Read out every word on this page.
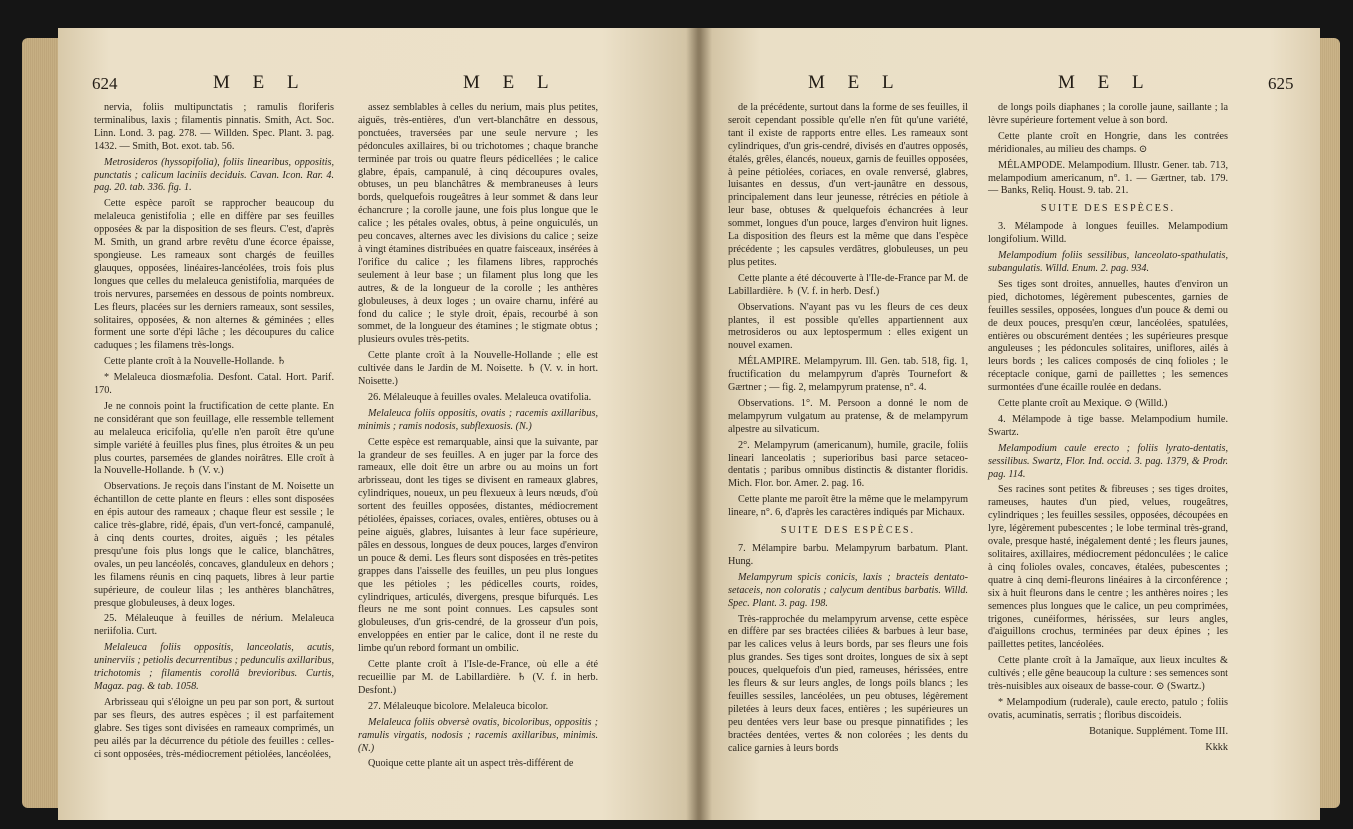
624	M E L	M E L

nervia, foliis multipunctatis ; ramulis floriferis terminalibus, laxis ; filamentis pinnatis. Smith, Act. Soc. Linn. Lond. 3. pag. 278. — Willden. Spec. Plant. 3. pag. 1432. — Smith, Bot. exot. tab. 56.

Metrosideros (hyssopifolia), foliis linearibus, oppositis, punctatis ; calicum laciniis deciduis. Cavan. Icon. Rar. 4. pag. 20. tab. 336. fig. 1.

Cette espèce paroît se rapprocher beaucoup du melaleuca genistifolia ; elle en diffère par ses feuilles opposées & par la disposition de ses fleurs. C'est, d'après M. Smith, un grand arbre revêtu d'une écorce épaisse, spongieuse. Les rameaux sont chargés de feuilles glauques, opposées, linéaires-lancéolées, trois fois plus longues que celles du melaleuca genistifolia, marquées de trois nervures, parsemées en dessous de points nombreux. Les fleurs, placées sur les derniers rameaux, sont sessiles, solitaires, opposées, & non alternes & géminées ; elles forment une sorte d'épi lâche ; les découpures du calice caduques ; les filamens très-longs.

Cette plante croît à la Nouvelle-Hollande. ♄

* Melaleuca diosmæfolia. Desfont. Catal. Hort. Parif. 170.

Je ne connois point la fructification de cette plante. En ne considérant que son feuillage, elle ressemble tellement au melaleuca ericifolia, qu'elle n'en paroît être qu'une simple variété à feuilles plus fines, plus étroites & un peu plus courtes, parsemées de glandes noirâtres. Elle croît à la Nouvelle-Hollande. ♄ (V. v.)

Observations. Je reçois dans l'instant de M. Noisette un échantillon de cette plante en fleurs : elles sont disposées en épis autour des rameaux ; chaque fleur est sessile ; le calice très-glabre, ridé, épais, d'un vert-foncé, campanulé, à cinq dents courtes, droites, aiguës ; les pétales presqu'une fois plus longs que le calice, blanchâtres, ovales, un peu lancéolés, concaves, glanduleux en dehors ; les filamens réunis en cinq paquets, libres à leur partie supérieure, de couleur lilas ; les anthères blanchâtres, presque globuleuses, à deux loges.

25. Mélaleuque à feuilles de nérium. Melaleuca neriifolia. Curt.

Melaleuca foliis oppositis, lanceolatis, acutis, uninerviis ; petiolis decurrentibus ; pedunculis axillaribus, trichotomis ; filamentis corollâ brevioribus. Curtis, Magaz. pag. & tab. 1058.

Arbrisseau qui s'éloigne un peu par son port, & surtout par ses fleurs, des autres espèces ; il est parfaitement glabre. Ses tiges sont divisées en rameaux comprimés, un peu ailés par la décurrence du pétiole des feuilles : celles-ci sont opposées, très-médiocrement pétiolées, lancéolées,

assez semblables à celles du nerium, mais plus petites, aiguës, très-entières, d'un vert-blanchâtre en dessous, ponctuées, traversées par une seule nervure ; les pédoncules axillaires, bi ou trichotomes ; chaque branche terminée par trois ou quatre fleurs pédicellées ; le calice glabre, épais, campanulé, à cinq découpures ovales, obtuses, un peu blanchâtres & membraneuses à leurs bords, quelquefois rougeâtres à leur sommet & dans leur échancrure ; la corolle jaune, une fois plus longue que le calice ; les pétales ovales, obtus, à peine onguiculés, un peu concaves, alternes avec les divisions du calice ; seize à vingt étamines distribuées en quatre faisceaux, insérées à l'orifice du calice ; les filamens libres, rapprochés seulement à leur base ; un filament plus long que les autres, & de la longueur de la corolle ; les anthères globuleuses, à deux loges ; un ovaire charnu, inféré au fond du calice ; le style droit, épais, recourbé à son sommet, de la longueur des étamines ; le stigmate obtus ; plusieurs ovules très-petits.

Cette plante croît à la Nouvelle-Hollande ; elle est cultivée dans le Jardin de M. Noisette. ♄ (V. v. in hort. Noisette.)

26. Mélaleuque à feuilles ovales. Melaleuca ovatifolia.

Melaleuca foliis oppositis, ovatis ; racemis axillaribus, minimis ; ramis nodosis, subflexuosis. (N.)

Cette espèce est remarquable, ainsi que la suivante, par la grandeur de ses feuilles. A en juger par la force des rameaux, elle doit être un arbre ou au moins un fort arbrisseau, dont les tiges se divisent en rameaux glabres, cylindriques, noueux, un peu flexueux à leurs nœuds, d'où sortent des feuilles opposées, distantes, médiocrement pétiolées, épaisses, coriaces, ovales, entières, obtuses ou à peine aiguës, glabres, luisantes à leur face supérieure, pâles en dessous, longues de deux pouces, larges d'environ un pouce & demi. Les fleurs sont disposées en très-petites grappes dans l'aisselle des feuilles, un peu plus longues que les pétioles ; les pédicelles courts, roides, cylindriques, articulés, divergens, presque bifurqués. Les fleurs ne me sont point connues. Les capsules sont globuleuses, d'un gris-cendré, de la grosseur d'un pois, enveloppées en entier par le calice, dont il ne reste du limbe qu'un rebord formant un ombilic.

Cette plante croît à l'Isle-de-France, où elle a été recueillie par M. de Labillardière. ♄ (V. f. in herb. Desfont.)

27. Mélaleuque bicolore. Melaleuca bicolor.

Melaleuca foliis obversè ovatis, bicoloribus, oppositis ; ramulis virgatis, nodosis ; racemis axillaribus, minimis. (N.)

Quoique cette plante ait un aspect très-différent de

M E L	M E L	625

de la précédente, surtout dans la forme de ses feuilles, il seroit cependant possible qu'elle n'en fût qu'une variété, tant il existe de rapports entre elles. Les rameaux sont cylindriques, d'un gris-cendré, divisés en d'autres opposés, étalés, grêles, élancés, noueux, garnis de feuilles opposées, à peine pétiolées, coriaces, en ovale renversé, glabres, luisantes en dessus, d'un vert-jaunâtre en dessous, principalement dans leur jeunesse, rétrécies en pétiole à leur base, obtuses & quelquefois échancrées à leur sommet, longues d'un pouce, larges d'environ huit lignes. La disposition des fleurs est la même que dans l'espèce précédente ; les capsules verdâtres, globuleuses, un peu plus petites.

Cette plante a été découverte à l'Ile-de-France par M. de Labillardière. ♄ (V. f. in herb. Desf.)

Observations. N'ayant pas vu les fleurs de ces deux plantes, il est possible qu'elles appartiennent aux metrosideros ou aux leptospermum : elles exigent un nouvel examen.

MÉLAMPIRE. Melampyrum. Ill. Gen. tab. 518, fig. 1, fructification du melampyrum d'après Tournefort & Gærtner ; — fig. 2, melampyrum pratense, n°. 4.

Observations. 1°. M. Persoon a donné le nom de melampyrum vulgatum au pratense, & de melampyrum alpestre au silvaticum.

2°. Melampyrum (americanum), humile, gracile, foliis lineari lanceolatis ; superioribus basi parce setaceo-dentatis ; paribus omnibus distinctis & distanter floridis. Mich. Flor. bor. Amer. 2. pag. 16.

Cette plante me paroît être la même que le melampyrum lineare, n°. 6, d'après les caractères indiqués par Michaux.

SUITE DES ESPÈCES.

7. Mélampire barbu. Melampyrum barbatum. Plant. Hung.

Melampyrum spicis conicis, laxis ; bracteis dentato-setaceis, non coloratis ; calycum dentibus barbatis. Willd. Spec. Plant. 3. pag. 198.

Très-rapprochée du melampyrum arvense, cette espèce en diffère par ses bractées ciliées & barbues à leur base, par les calices velus à leurs bords, par ses fleurs une fois plus grandes. Ses tiges sont droites, longues de six à sept pouces, quelquefois d'un pied, rameuses, hérissées, entre les fleurs & sur leurs angles, de longs poils blancs ; les feuilles sessiles, lancéolées, un peu obtuses, légèrement piletées à leurs deux faces, entières ; les supérieures un peu dentées vers leur base ou presque pinnatifides ; les bractées dentées, vertes & non colorées ; les dents du calice garnies à leurs bords

de longs poils diaphanes ; la corolle jaune, saillante ; la lèvre supérieure fortement velue à son bord.

Cette plante croît en Hongrie, dans les contrées méridionales, au milieu des champs. ⊙

MÉLAMPODE. Melampodium. Illustr. Gener. tab. 713, melampodium americanum, n°. 1. — Gærtner, tab. 179. — Banks, Reliq. Houst. 9. tab. 21.

SUITE DES ESPÈCES.

3. Mélampode à longues feuilles. Melampodium longifolium. Willd.

Melampodium foliis sessilibus, lanceolato-spathulatis, subangulatis. Willd. Enum. 2. pag. 934.

Ses tiges sont droites, annuelles, hautes d'environ un pied, dichotomes, légèrement pubescentes, garnies de feuilles sessiles, opposées, longues d'un pouce & demi ou de deux pouces, presqu'en cœur, lancéolées, spatulées, entières ou obscurément dentées ; les supérieures presque anguleuses ; les pédoncules solitaires, uniflores, ailés à leurs bords ; les calices composés de cinq folioles ; le réceptacle conique, garni de paillettes ; les semences surmontées d'une écaille roulée en dedans.

Cette plante croît au Mexique. ⊙ (Willd.)

4. Mélampode à tige basse. Melampodium humile. Swartz.

Melampodium caule erecto ; foliis lyrato-dentatis, sessilibus. Swartz, Flor. Ind. occid. 3. pag. 1379, & Prodr. pag. 114.

Ses racines sont petites & fibreuses ; ses tiges droites, rameuses, hautes d'un pied, velues, rougeâtres, cylindriques ; les feuilles sessiles, opposées, découpées en lyre, légèrement pubescentes ; le lobe terminal très-grand, ovale, presque hasté, inégalement denté ; les fleurs jaunes, solitaires, axillaires, médiocrement pédonculées ; le calice à cinq folioles ovales, concaves, étalées, pubescentes ; quatre à cinq demi-fleurons linéaires à la circonférence ; six à huit fleurons dans le centre ; les anthères noires ; les semences plus longues que le calice, un peu comprimées, trigones, cunéiformes, hérissées, sur leurs angles, d'aiguillons crochus, terminées par deux épines ; les paillettes petites, lancéolées.

Cette plante croît à la Jamaïque, aux lieux incultes & cultivés ; elle gêne beaucoup la culture : ses semences sont très-nuisibles aux oiseaux de basse-cour. ⊙ (Swartz.)

* Melampodium (ruderale), caule erecto, patulo ; foliis ovatis, acuminatis, serratis ; floribus discoideis.

Botanique. Supplément. Tome III.

Kkkk
